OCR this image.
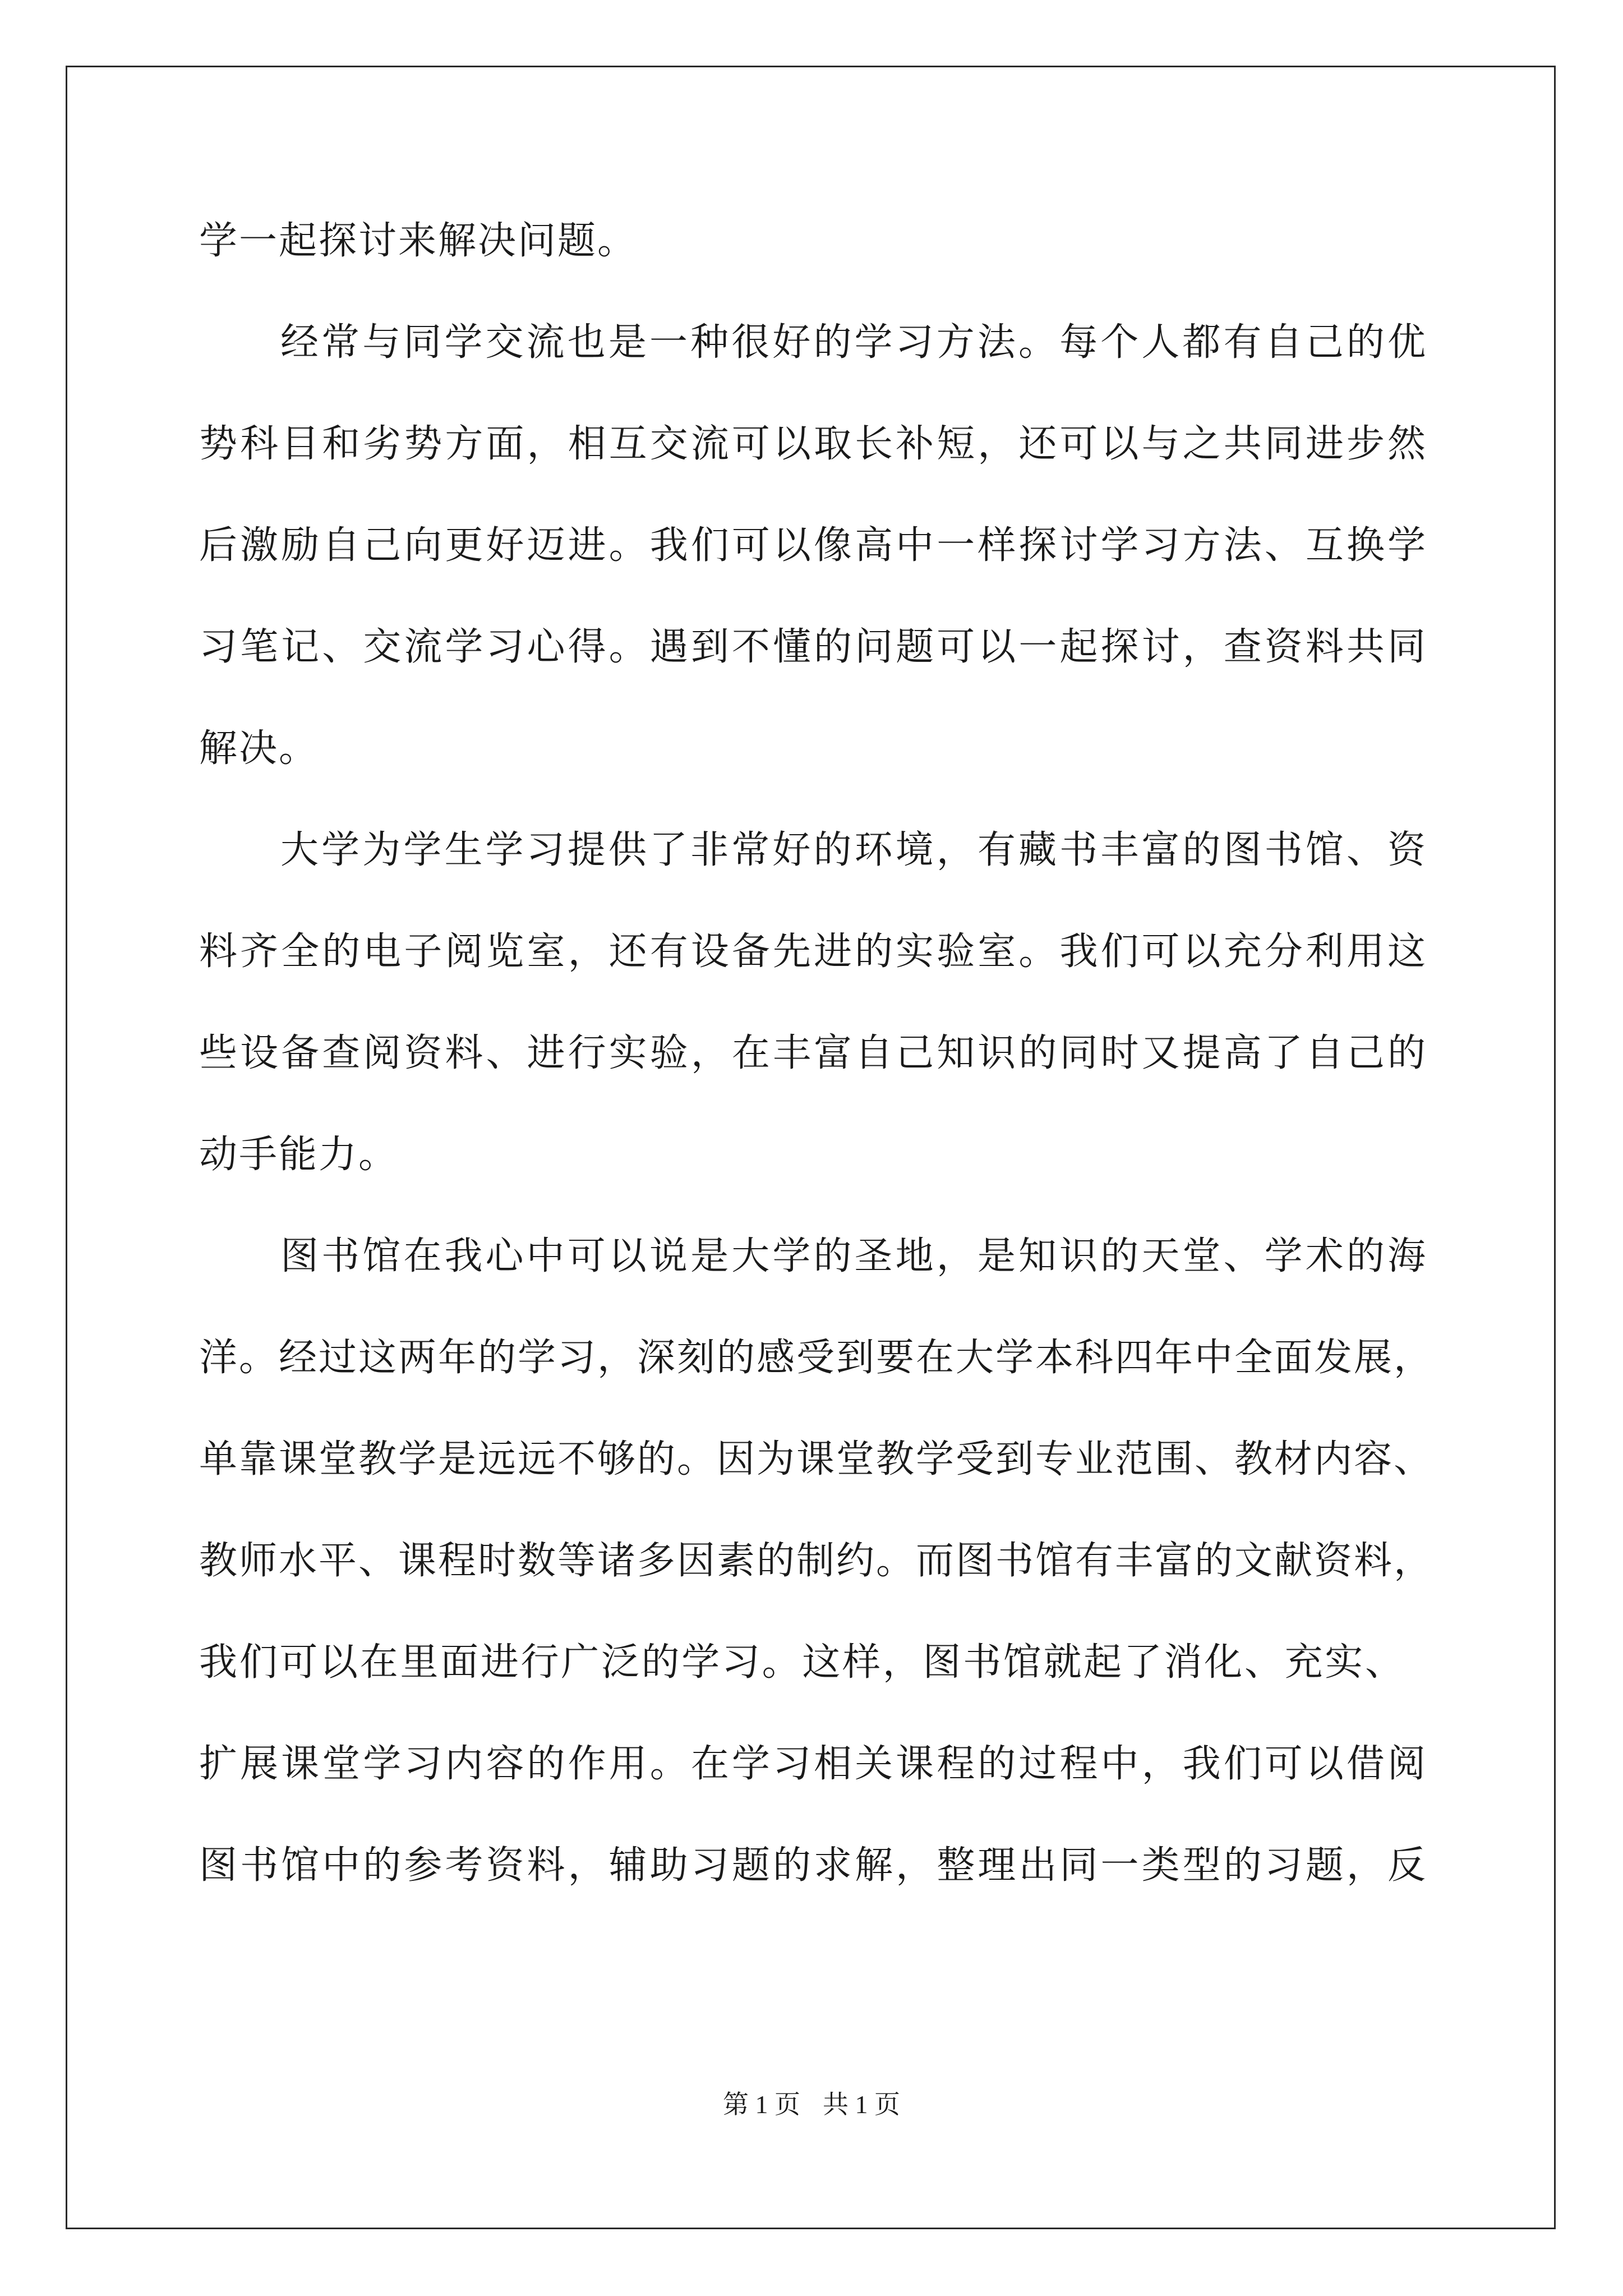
学一起探讨来解决问题。
经常与同学交流也是一种很好的学习方法。每个人都有自己的优
势科目和劣势方面，相互交流可以取长补短，还可以与之共同进步然
后激励自己向更好迈进。我们可以像高中一样探讨学习方法、互换学
习笔记、交流学习心得。遇到不懂的问题可以一起探讨，查资料共同
解决。
大学为学生学习提供了非常好的环境，有藏书丰富的图书馆、资
料齐全的电子阅览室，还有设备先进的实验室。我们可以充分利用这
些设备查阅资料、进行实验，在丰富自己知识的同时又提高了自己的
动手能力。
图书馆在我心中可以说是大学的圣地，是知识的天堂、学术的海
洋。经过这两年的学习，深刻的感受到要在大学本科四年中全面发展，
单靠课堂教学是远远不够的。因为课堂教学受到专业范围、教材内容、
教师水平、课程时数等诸多因素的制约。而图书馆有丰富的文献资料，
我们可以在里面进行广泛的学习。这样，图书馆就起了消化、充实、
扩展课堂学习内容的作用。在学习相关课程的过程中，我们可以借阅
图书馆中的参考资料，辅助习题的求解，整理出同一类型的习题，反
第 1 页 共 1 页
